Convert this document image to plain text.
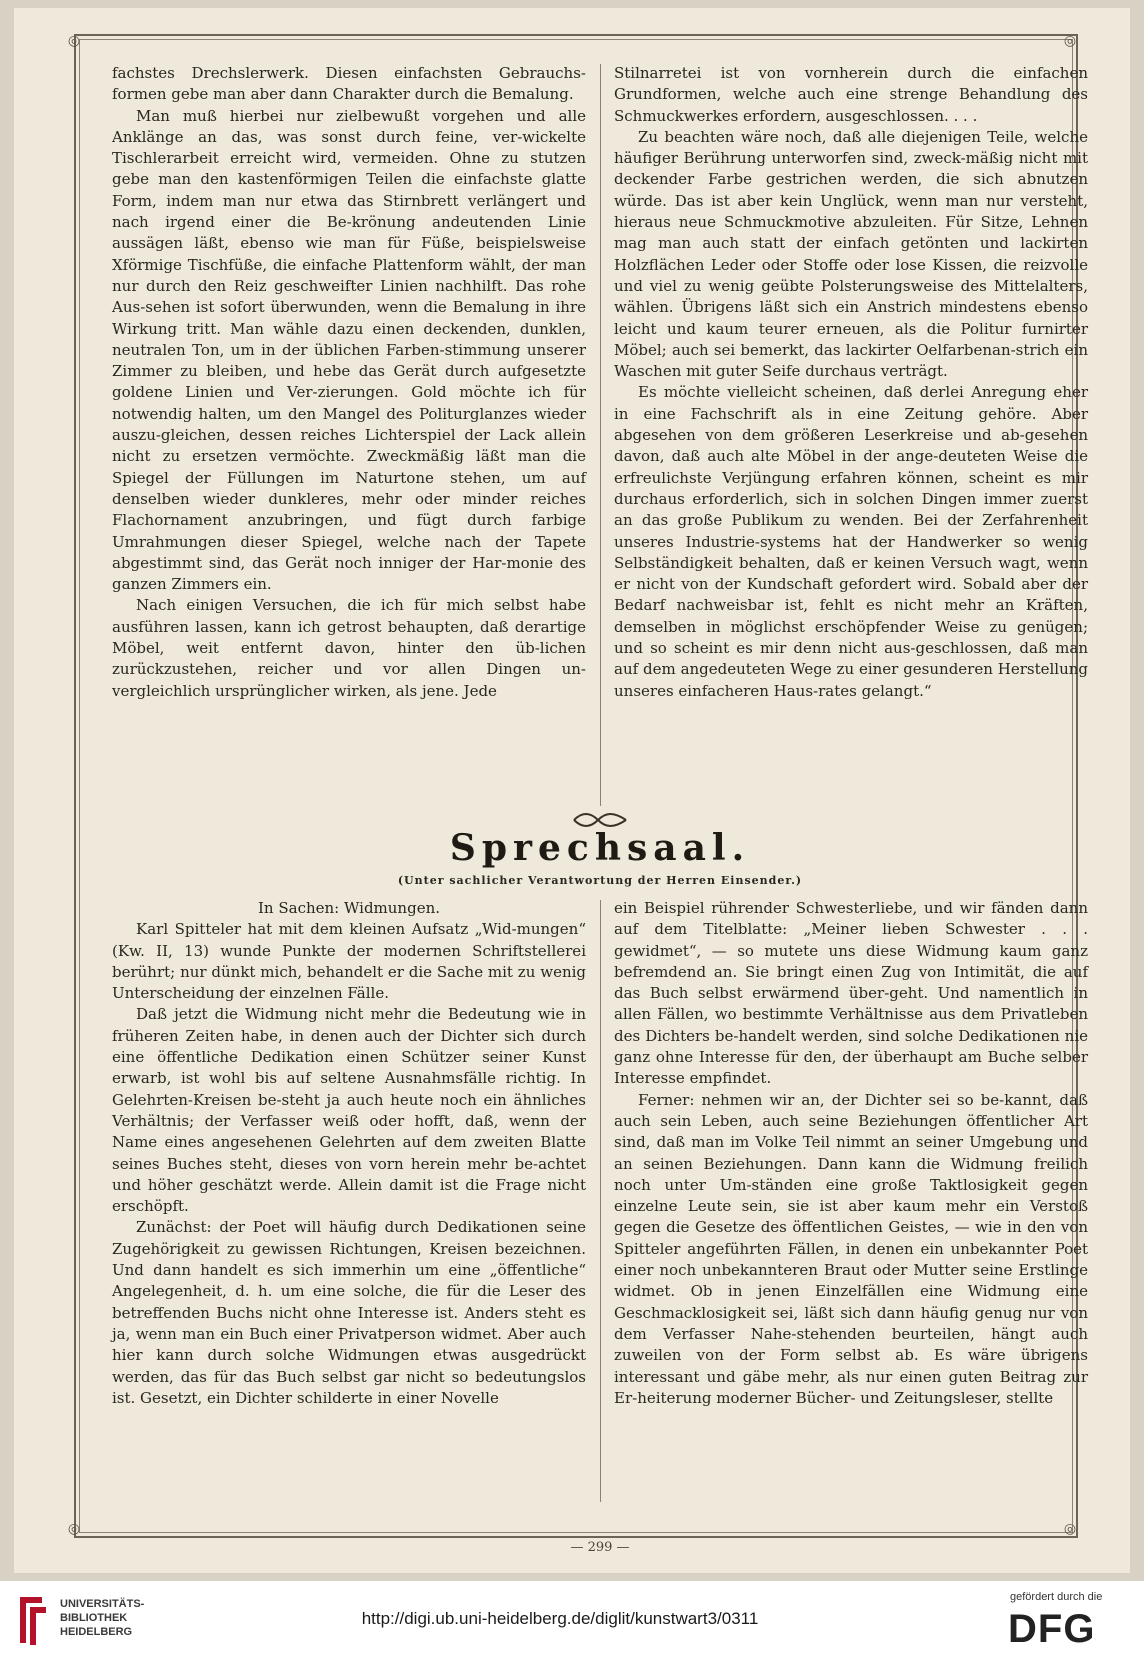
◎	◎
◎	◎

fachstes Drechslerwerk. Diesen einfachsten Gebrauchs-formen gebe man aber dann Charakter durch die Bemalung.

Man muß hierbei nur zielbewußt vorgehen und alle Anklänge an das, was sonst durch feine, ver-wickelte Tischlerarbeit erreicht wird, vermeiden. Ohne zu stutzen gebe man den kastenförmigen Teilen die einfachste glatte Form, indem man nur etwa das Stirnbrett verlängert und nach irgend einer die Be-krönung andeutenden Linie aussägen läßt, ebenso wie man für Füße, beispielsweise Xförmige Tischfüße, die einfache Plattenform wählt, der man nur durch den Reiz geschweifter Linien nachhilft. Das rohe Aus-sehen ist sofort überwunden, wenn die Bemalung in ihre Wirkung tritt. Man wähle dazu einen deckenden, dunklen, neutralen Ton, um in der üblichen Farben-stimmung unserer Zimmer zu bleiben, und hebe das Gerät durch aufgesetzte goldene Linien und Ver-zierungen. Gold möchte ich für notwendig halten, um den Mangel des Politurglanzes wieder auszu-gleichen, dessen reiches Lichterspiel der Lack allein nicht zu ersetzen vermöchte. Zweckmäßig läßt man die Spiegel der Füllungen im Naturtone stehen, um auf denselben wieder dunkleres, mehr oder minder reiches Flachornament anzubringen, und fügt durch farbige Umrahmungen dieser Spiegel, welche nach der Tapete abgestimmt sind, das Gerät noch inniger der Har-monie des ganzen Zimmers ein.

Nach einigen Versuchen, die ich für mich selbst habe ausführen lassen, kann ich getrost behaupten, daß derartige Möbel, weit entfernt davon, hinter den üb-lichen zurückzustehen, reicher und vor allen Dingen un-vergleichlich ursprünglicher wirken, als jene. Jede

Stilnarretei ist von vornherein durch die einfachen Grundformen, welche auch eine strenge Behandlung des Schmuckwerkes erfordern, ausgeschlossen. . . .

Zu beachten wäre noch, daß alle diejenigen Teile, welche häufiger Berührung unterworfen sind, zweck-mäßig nicht mit deckender Farbe gestrichen werden, die sich abnutzen würde. Das ist aber kein Unglück, wenn man nur versteht, hieraus neue Schmuckmotive abzuleiten. Für Sitze, Lehnen mag man auch statt der einfach getönten und lackirten Holzflächen Leder oder Stoffe oder lose Kissen, die reizvolle und viel zu wenig geübte Polsterungsweise des Mittelalters, wählen. Übrigens läßt sich ein Anstrich mindestens ebenso leicht und kaum teurer erneuen, als die Politur furnirter Möbel; auch sei bemerkt, das lackirter Oelfarbenan-strich ein Waschen mit guter Seife durchaus verträgt.

Es möchte vielleicht scheinen, daß derlei Anregung eher in eine Fachschrift als in eine Zeitung gehöre. Aber abgesehen von dem größeren Leserkreise und ab-gesehen davon, daß auch alte Möbel in der ange-deuteten Weise die erfreulichste Verjüngung erfahren können, scheint es mir durchaus erforderlich, sich in solchen Dingen immer zuerst an das große Publikum zu wenden. Bei der Zerfahrenheit unseres Industrie-systems hat der Handwerker so wenig Selbständigkeit behalten, daß er keinen Versuch wagt, wenn er nicht von der Kundschaft gefordert wird. Sobald aber der Bedarf nachweisbar ist, fehlt es nicht mehr an Kräften, demselben in möglichst erschöpfender Weise zu genügen; und so scheint es mir denn nicht aus-geschlossen, daß man auf dem angedeuteten Wege zu einer gesunderen Herstellung unseres einfacheren Haus-rates gelangt.“

Sprechsaal.
(Unter sachlicher Verantwortung der Herren Einsender.)

In Sachen: Widmungen.

Karl Spitteler hat mit dem kleinen Aufsatz „Wid-mungen“ (Kw. II, 13) wunde Punkte der modernen Schriftstellerei berührt; nur dünkt mich, behandelt er die Sache mit zu wenig Unterscheidung der einzelnen Fälle.

Daß jetzt die Widmung nicht mehr die Bedeutung wie in früheren Zeiten habe, in denen auch der Dichter sich durch eine öffentliche Dedikation einen Schützer seiner Kunst erwarb, ist wohl bis auf seltene Ausnahmsfälle richtig. In Gelehrten-Kreisen be-steht ja auch heute noch ein ähnliches Verhältnis; der Verfasser weiß oder hofft, daß, wenn der Name eines angesehenen Gelehrten auf dem zweiten Blatte seines Buches steht, dieses von vorn herein mehr be-achtet und höher geschätzt werde. Allein damit ist die Frage nicht erschöpft.

Zunächst: der Poet will häufig durch Dedikationen seine Zugehörigkeit zu gewissen Richtungen, Kreisen bezeichnen. Und dann handelt es sich immerhin um eine „öffentliche“ Angelegenheit, d. h. um eine solche, die für die Leser des betreffenden Buchs nicht ohne Interesse ist. Anders steht es ja, wenn man ein Buch einer Privatperson widmet. Aber auch hier kann durch solche Widmungen etwas ausgedrückt werden, das für das Buch selbst gar nicht so bedeutungslos ist. Gesetzt, ein Dichter schilderte in einer Novelle

ein Beispiel rührender Schwesterliebe, und wir fänden dann auf dem Titelblatte: „Meiner lieben Schwester . . . gewidmet“, — so mutete uns diese Widmung kaum ganz befremdend an. Sie bringt einen Zug von Intimität, die auf das Buch selbst erwärmend über-geht. Und namentlich in allen Fällen, wo bestimmte Verhältnisse aus dem Privatleben des Dichters be-handelt werden, sind solche Dedikationen nie ganz ohne Interesse für den, der überhaupt am Buche selber Interesse empfindet.

Ferner: nehmen wir an, der Dichter sei so be-kannt, daß auch sein Leben, auch seine Beziehungen öffentlicher Art sind, daß man im Volke Teil nimmt an seiner Umgebung und an seinen Beziehungen. Dann kann die Widmung freilich noch unter Um-ständen eine große Taktlosigkeit gegen einzelne Leute sein, sie ist aber kaum mehr ein Verstoß gegen die Gesetze des öffentlichen Geistes, — wie in den von Spitteler angeführten Fällen, in denen ein unbekannter Poet einer noch unbekannteren Braut oder Mutter seine Erstlinge widmet. Ob in jenen Einzelfällen eine Widmung eine Geschmacklosigkeit sei, läßt sich dann häufig genug nur von dem Verfasser Nahe-stehenden beurteilen, hängt auch zuweilen von der Form selbst ab. Es wäre übrigens interessant und gäbe mehr, als nur einen guten Beitrag zur Er-heiterung moderner Bücher- und Zeitungsleser, stellte

— 299 —
UNIVERSITÄTS-
BIBLIOTHEK
HEIDELBERG
http://digi.ub.uni-heidelberg.de/diglit/kunstwart3/0311
gefördert durch die
DFG
